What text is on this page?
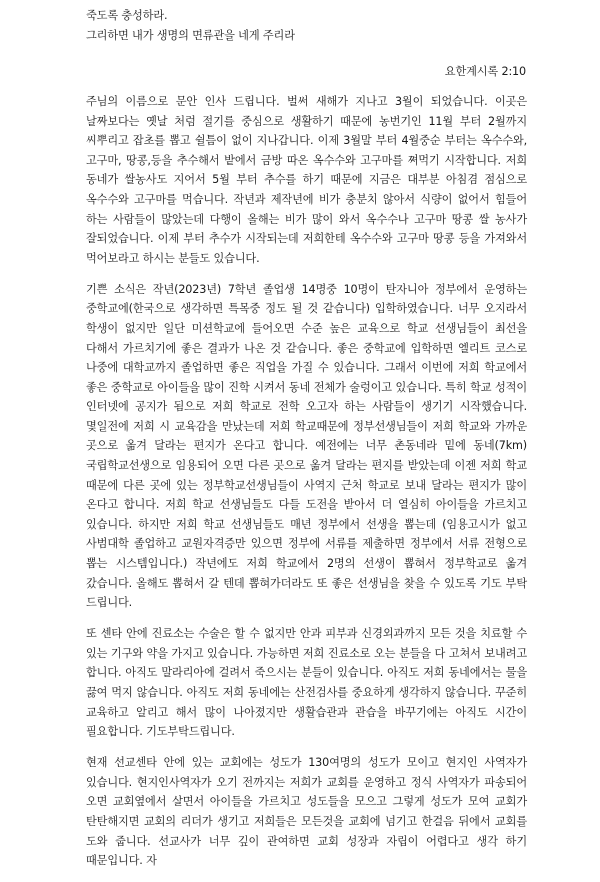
죽도록 충성하라.
그리하면 내가 생명의 면류관을 네게 주리라
요한계시록 2:10

주님의 이름으로 문안 인사 드립니다. 벌써 새해가 지나고 3월이 되었습니다. 이곳은 날짜보다는 옛날 처럼 절기를 중심으로 생활하기 때문에 농번기인 11월 부터 2월까지 씨뿌리고 잡초를 뽑고 쉴틈이 없이 지나갑니다. 이제 3월말 부터 4월중순 부터는 옥수수와, 고구마, 땅콩,등을 추수해서 밭에서 금방 따온 옥수수와 고구마를 쪄먹기 시작합니다. 저희 동네가 쌀농사도 지어서 5월 부터 추수를 하기 때문에 지금은 대부분 아침겸 점심으로 옥수수와 고구마를 먹습니다. 작년과 제작년에 비가 충분치 않아서 식량이 없어서 힘들어 하는 사람들이 많았는데 다행이 올해는 비가 많이 와서 옥수수나 고구마 땅콩 쌀 농사가 잘되었습니다. 이제 부터 추수가 시작되는데 저희한테 옥수수와 고구마 땅콩 등을 가져와서 먹어보라고 하시는 분들도 있습니다.

기쁜 소식은 작년(2023년) 7학년 졸업생 14명중 10명이 탄자니아 정부에서 운영하는 중학교에(한국으로 생각하면 특목중 정도 될 것 같습니다) 입학하였습니다. 너무 오지라서 학생이 없지만 일단 미션학교에 들어오면 수준 높은 교육으로 학교 선생님들이 최선을 다해서 가르치기에 좋은 결과가 나온 것 같습니다. 좋은 중학교에 입학하면 엘리트 코스로 나중에 대학교까지 졸업하면 좋은 직업을 가질 수 있습니다. 그래서 이번에 저희 학교에서 좋은 중학교로 아이들을 많이 진학 시켜서 동네 전체가 술렁이고 있습니다. 특히 학교 성적이 인터넷에 공지가 됨으로 저희 학교로 전학 오고자 하는 사람들이 생기기 시작했습니다. 몇일전에 저희 시 교육감을 만났는데 저희 학교때문에 정부선생님들이 저희 학교와 가까운 곳으로 옮겨 달라는 편지가 온다고 합니다. 예전에는 너무 촌동네라 밑에 동네(7km) 국립학교선생으로 임용되어 오면 다른 곳으로 옮겨 달라는 편지를 받았는데 이젠 저희 학교 때문에 다른 곳에 있는 정부학교선생님들이 사역지 근처 학교로 보내 달라는 편지가 많이 온다고 합니다. 저희 학교 선생님들도 다들 도전을 받아서 더 열심히 아이들을 가르치고 있습니다. 하지만 저희 학교 선생님들도 매년 정부에서 선생을 뽑는데 (임용고시가 없고 사범대학 졸업하고 교원자격증만 있으면 정부에 서류를 제출하면 정부에서 서류 전형으로 뽑는 시스템입니다.) 작년에도 저희 학교에서 2명의 선생이 뽑혀서 정부학교로 옮겨 갔습니다. 올해도 뽑혀서 갈 텐데 뽑혀가더라도 또 좋은 선생님을 찾을 수 있도록 기도 부탁 드립니다.

또 센타 안에 진료소는 수술은 할 수 없지만 안과 피부과 신경외과까지 모든 것을 치료할 수 있는 기구와 약을 가지고 있습니다. 가능하면 저희 진료소로 오는 분들을 다 고쳐서 보내려고 합니다. 아직도 말라리아에 걸려서 죽으시는 분들이 있습니다. 아직도 저희 동네에서는 물을 끓여 먹지 않습니다. 아직도 저희 동네에는 산전검사를 중요하게 생각하지 않습니다. 꾸준히 교육하고 알리고 해서 많이 나아졌지만 생활습관과 관습을 바꾸기에는 아직도 시간이 필요합니다. 기도부탁드립니다.

현재 선교센타 안에 있는 교회에는 성도가 130여명의 성도가 모이고 현지인 사역자가 있습니다. 현지인사역자가 오기 전까지는 저희가 교회를 운영하고 정식 사역자가 파송되어 오면 교회옆에서 살면서 아이들을 가르치고 성도들을 모으고 그렇게 성도가 모여 교회가 탄탄해지면 교회의 리더가 생기고 저희들은 모든것을 교회에 넘기고 한걸음 뒤에서 교회를 도와 줍니다. 선교사가 너무 깊이 관여하면 교회 성장과 자립이 어렵다고 생각 하기 때문입니다. 자
